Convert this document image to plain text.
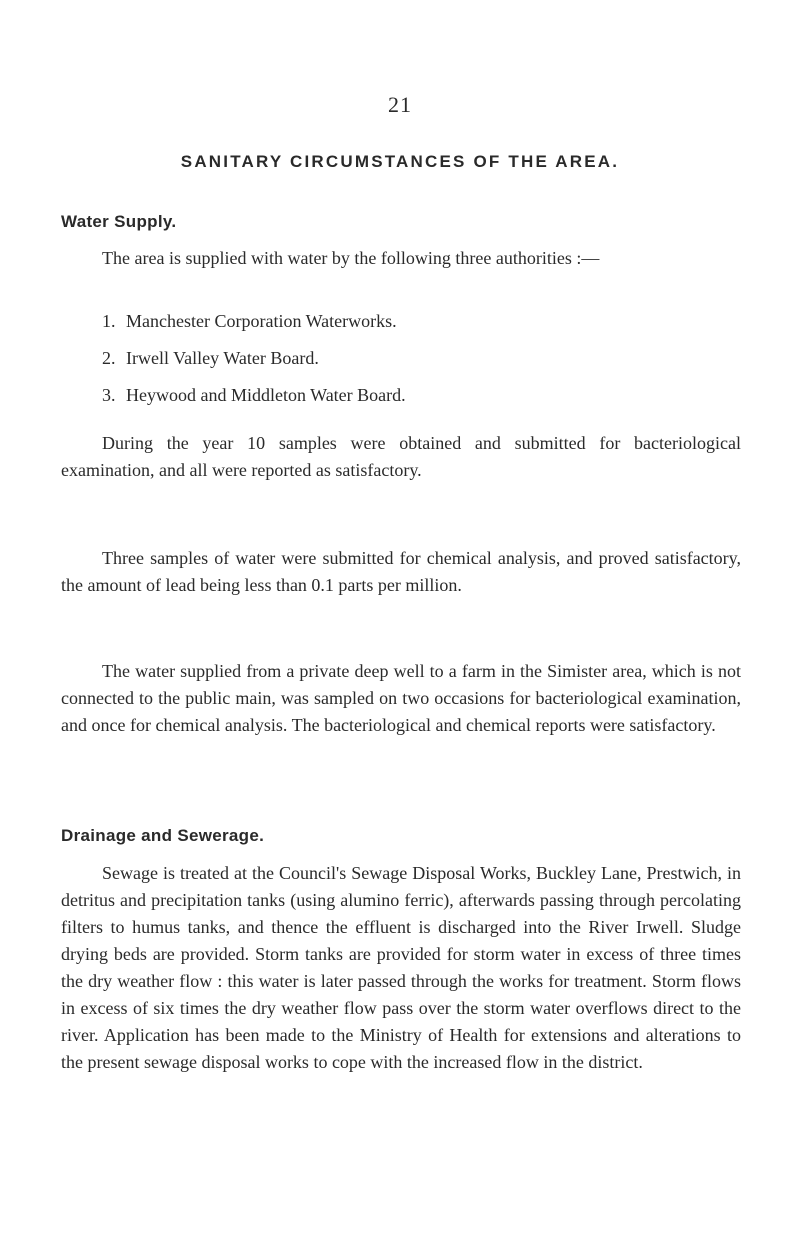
21
SANITARY CIRCUMSTANCES OF THE AREA.
Water Supply.

The area is supplied with water by the following three authorities :—

1. Manchester Corporation Waterworks.
2. Irwell Valley Water Board.
3. Heywood and Middleton Water Board.

During the year 10 samples were obtained and submitted for bacteriological examination, and all were reported as satisfactory.

Three samples of water were submitted for chemical analysis, and proved satisfactory, the amount of lead being less than 0.1 parts per million.

The water supplied from a private deep well to a farm in the Simister area, which is not connected to the public main, was sampled on two occasions for bacteriological examination, and once for chemical analysis. The bacteriological and chemical reports were satisfactory.

Drainage and Sewerage.

Sewage is treated at the Council's Sewage Disposal Works, Buckley Lane, Prestwich, in detritus and precipitation tanks (using alumino ferric), afterwards passing through percolating filters to humus tanks, and thence the effluent is discharged into the River Irwell. Sludge drying beds are provided. Storm tanks are provided for storm water in excess of three times the dry weather flow : this water is later passed through the works for treatment. Storm flows in excess of six times the dry weather flow pass over the storm water overflows direct to the river. Application has been made to the Ministry of Health for extensions and alterations to the present sewage disposal works to cope with the increased flow in the district.
